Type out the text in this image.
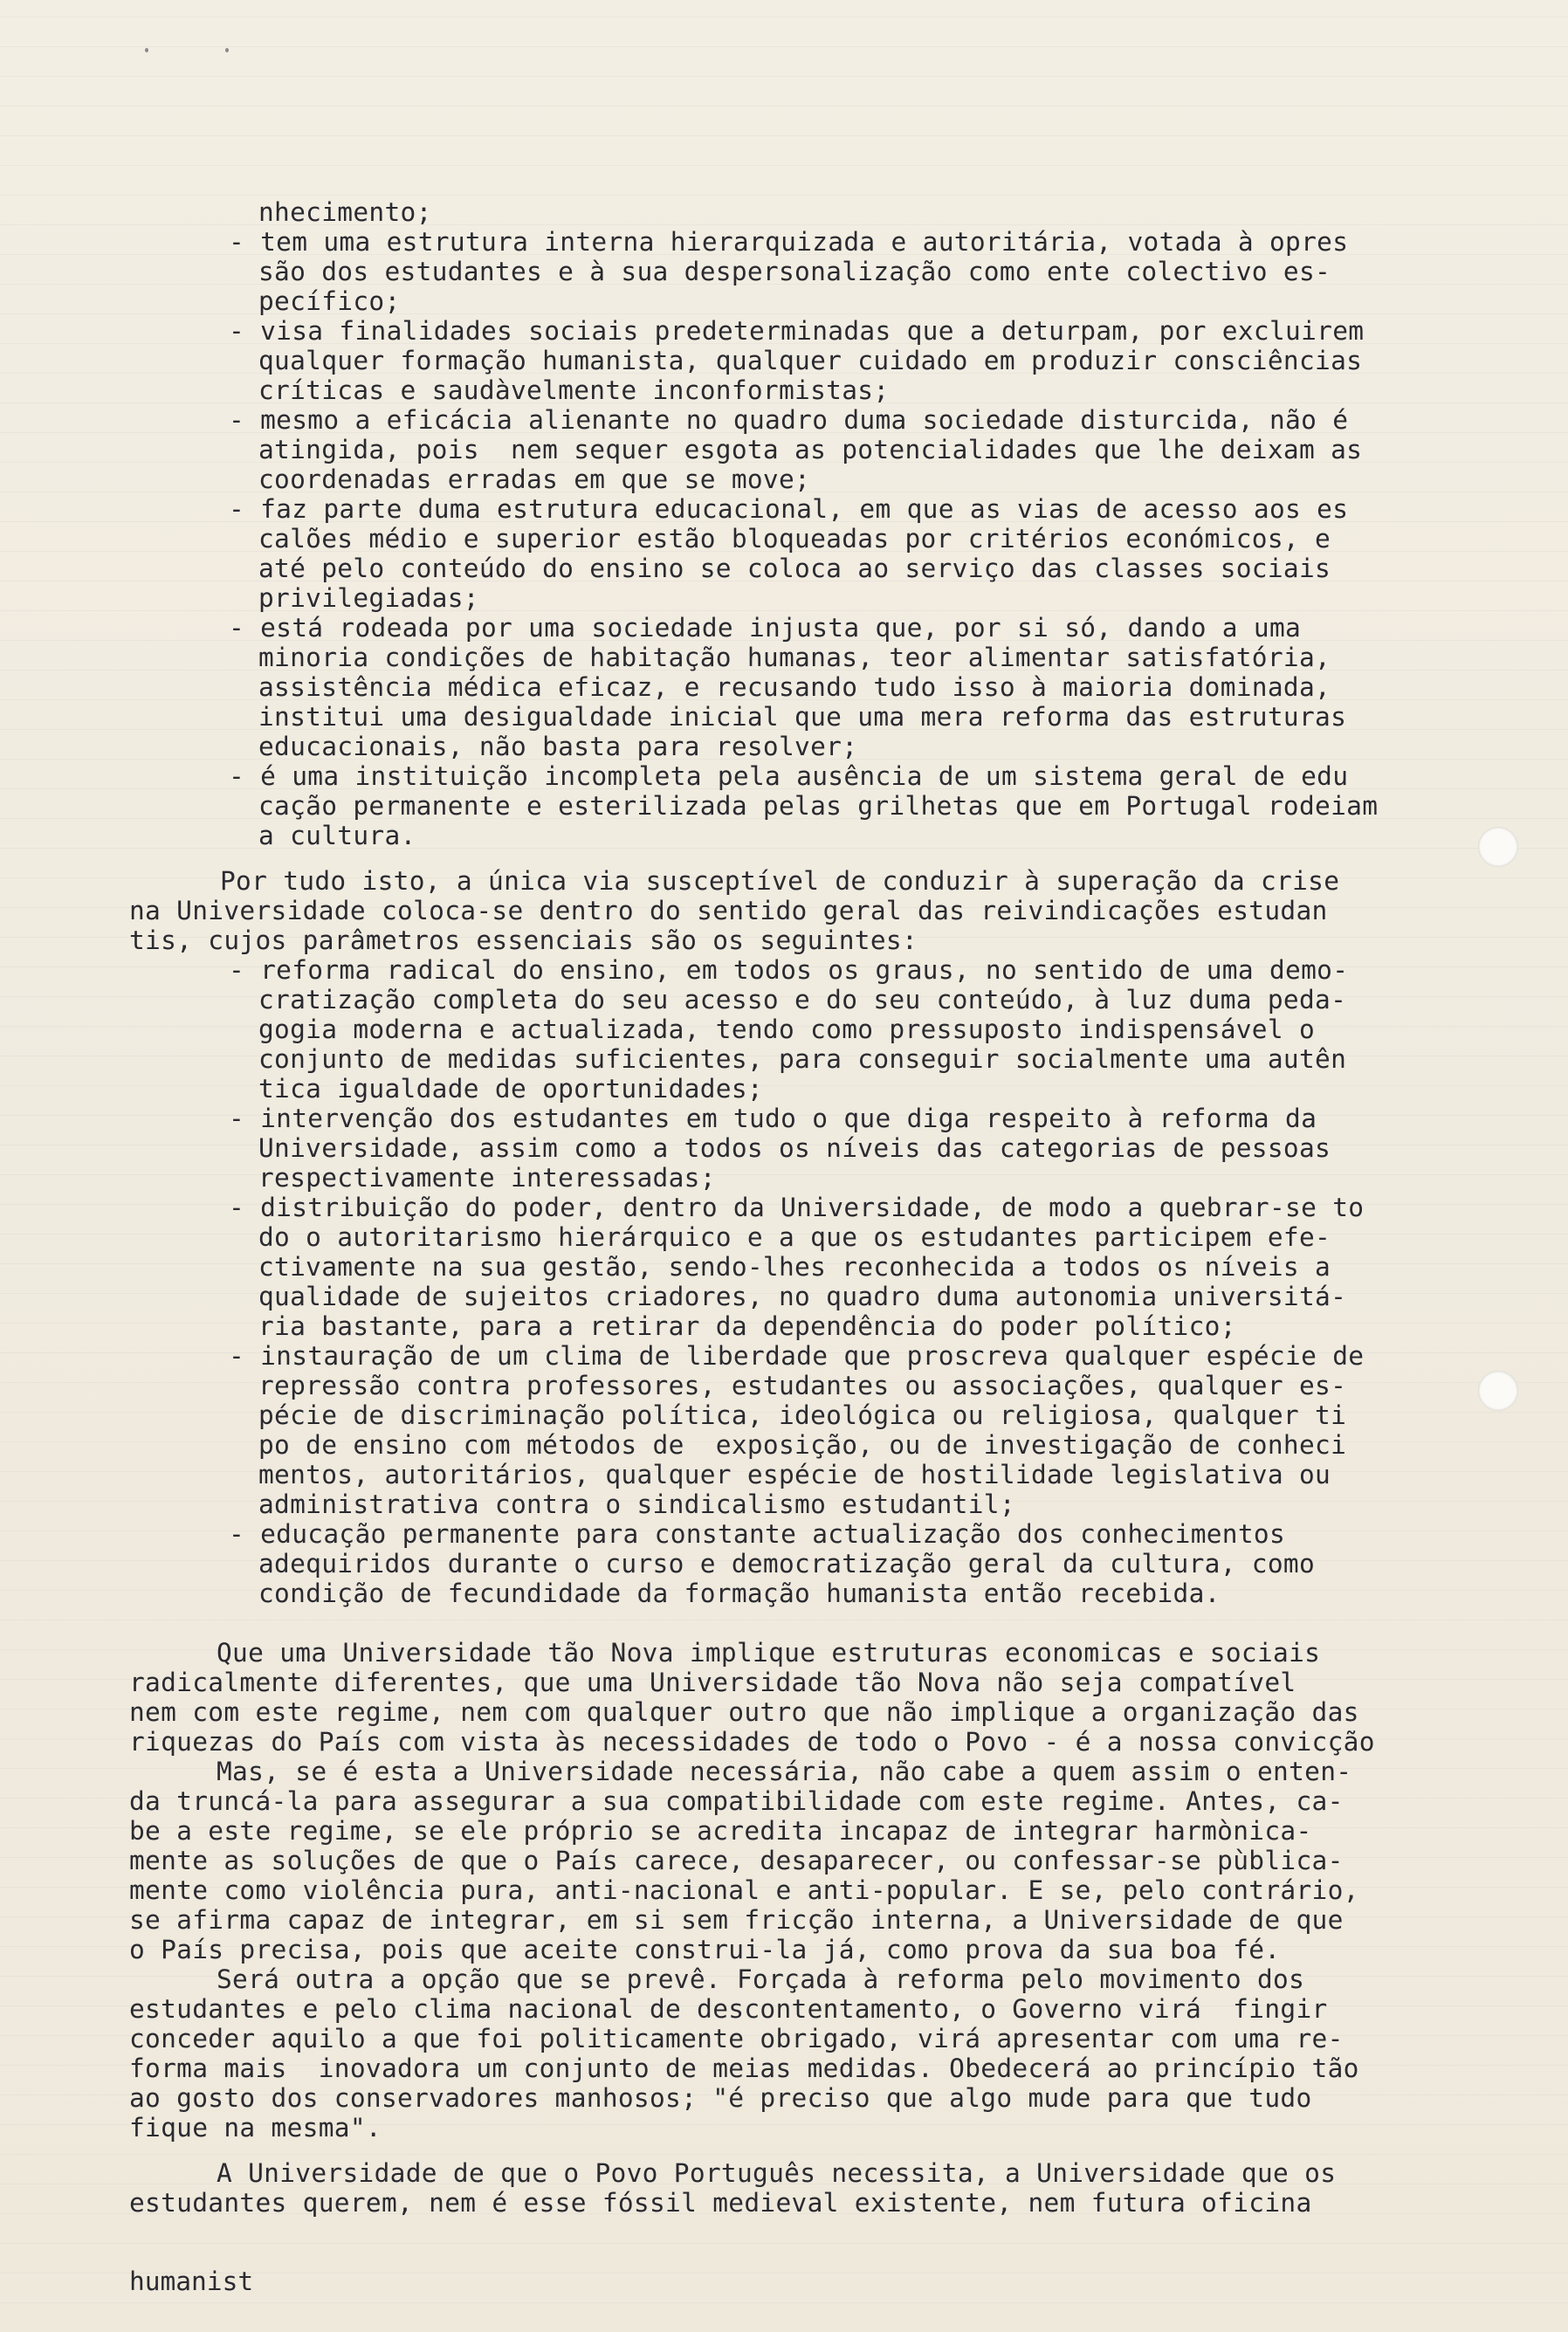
nhecimento;
- tem uma estrutura interna hierarquizada e autoritária, votada à opres
são dos estudantes e à sua despersonalização como ente colectivo es-
pecífico;
- visa finalidades sociais predeterminadas que a deturpam, por excluirem
qualquer formação humanista, qualquer cuidado em produzir consciências
críticas e saudàvelmente inconformistas;
- mesmo a eficácia alienante no quadro duma sociedade disturcida, não é
atingida, pois  nem sequer esgota as potencialidades que lhe deixam as
coordenadas erradas em que se move;
- faz parte duma estrutura educacional, em que as vias de acesso aos es
calões médio e superior estão bloqueadas por critérios económicos, e
até pelo conteúdo do ensino se coloca ao serviço das classes sociais
privilegiadas;
- está rodeada por uma sociedade injusta que, por si só, dando a uma
minoria condições de habitação humanas, teor alimentar satisfatória,
assistência médica eficaz, e recusando tudo isso à maioria dominada,
institui uma desigualdade inicial que uma mera reforma das estruturas
educacionais, não basta para resolver;
- é uma instituição incompleta pela ausência de um sistema geral de edu
cação permanente e esterilizada pelas grilhetas que em Portugal rodeiam
a cultura.
Por tudo isto, a única via susceptível de conduzir à superação da crise
na Universidade coloca-se dentro do sentido geral das reivindicações estudan
tis, cujos parâmetros essenciais são os seguintes:
- reforma radical do ensino, em todos os graus, no sentido de uma demo-
cratização completa do seu acesso e do seu conteúdo, à luz duma peda-
gogia moderna e actualizada, tendo como pressuposto indispensável o
conjunto de medidas suficientes, para conseguir socialmente uma autên
tica igualdade de oportunidades;
- intervenção dos estudantes em tudo o que diga respeito à reforma da
Universidade, assim como a todos os níveis das categorias de pessoas
respectivamente interessadas;
- distribuição do poder, dentro da Universidade, de modo a quebrar-se to
do o autoritarismo hierárquico e a que os estudantes participem efe-
ctivamente na sua gestão, sendo-lhes reconhecida a todos os níveis a
qualidade de sujeitos criadores, no quadro duma autonomia universitá-
ria bastante, para a retirar da dependência do poder político;
- instauração de um clima de liberdade que proscreva qualquer espécie de
repressão contra professores, estudantes ou associações, qualquer es-
pécie de discriminação política, ideológica ou religiosa, qualquer ti
po de ensino com métodos de  exposição, ou de investigação de conheci
mentos, autoritários, qualquer espécie de hostilidade legislativa ou
administrativa contra o sindicalismo estudantil;
- educação permanente para constante actualização dos conhecimentos
adequiridos durante o curso e democratização geral da cultura, como
condição de fecundidade da formação humanista então recebida.
Que uma Universidade tão Nova implique estruturas economicas e sociais
radicalmente diferentes, que uma Universidade tão Nova não seja compatível
nem com este regime, nem com qualquer outro que não implique a organização das
riquezas do País com vista às necessidades de todo o Povo - é a nossa convicção
Mas, se é esta a Universidade necessária, não cabe a quem assim o enten-
da truncá-la para assegurar a sua compatibilidade com este regime. Antes, ca-
be a este regime, se ele próprio se acredita incapaz de integrar harmònica-
mente as soluções de que o País carece, desaparecer, ou confessar-se pùblica-
mente como violência pura, anti-nacional e anti-popular. E se, pelo contrário,
se afirma capaz de integrar, em si sem fricção interna, a Universidade de que
o País precisa, pois que aceite construi-la já, como prova da sua boa fé.
Será outra a opção que se prevê. Forçada à reforma pelo movimento dos
estudantes e pelo clima nacional de descontentamento, o Governo virá  fingir
conceder aquilo a que foi politicamente obrigado, virá apresentar com uma re-
forma mais  inovadora um conjunto de meias medidas. Obedecerá ao princípio tão
ao gosto dos conservadores manhosos; "é preciso que algo mude para que tudo
fique na mesma".
A Universidade de que o Povo Português necessita, a Universidade que os
estudantes querem, nem é esse fóssil medieval existente, nem futura oficina
humanist
